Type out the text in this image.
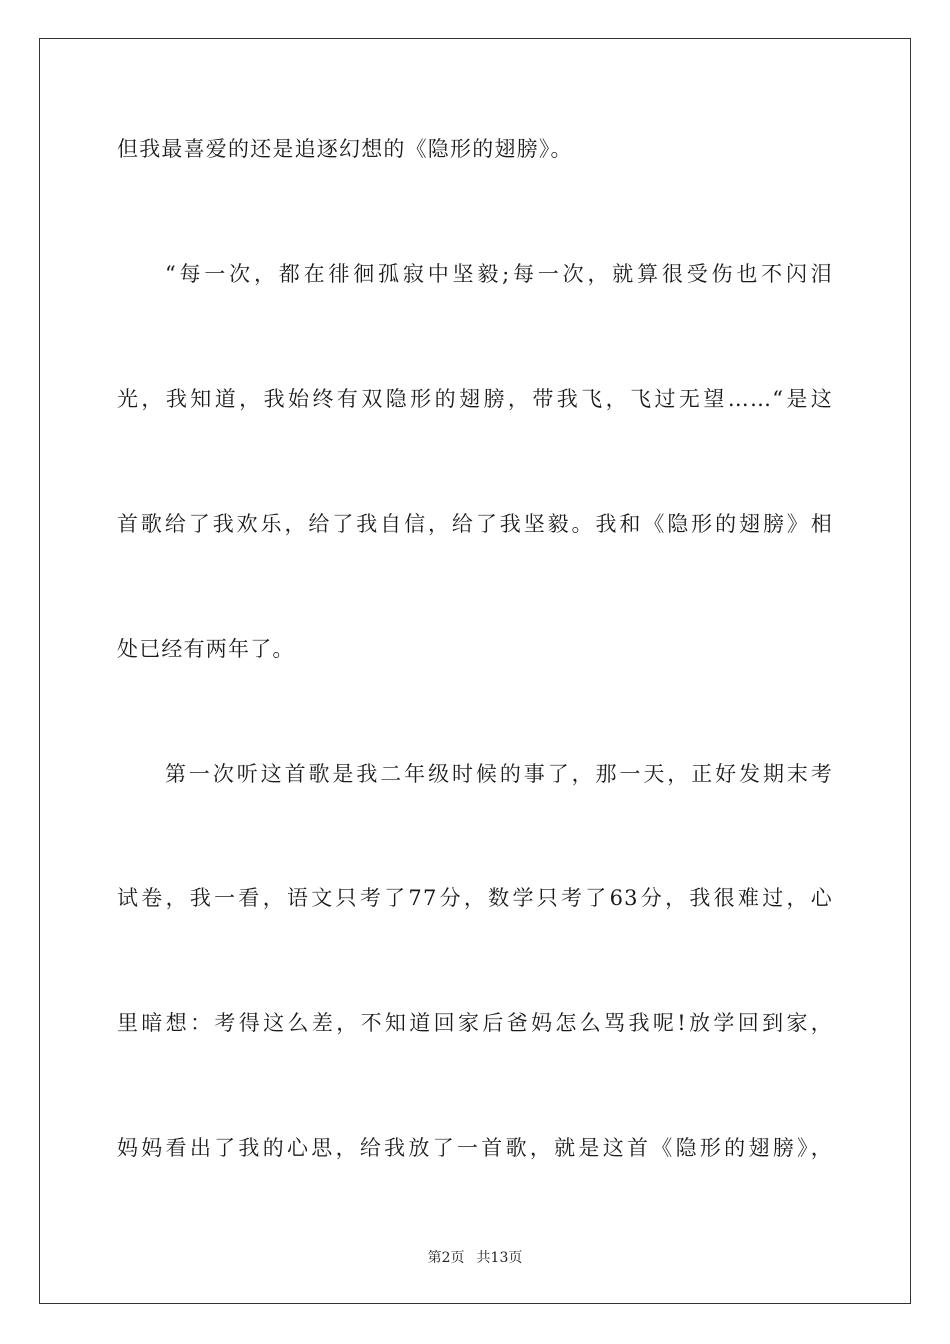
但我最喜爱的还是追逐幻想的《隐形的翅膀》。
“每一次，都在徘徊孤寂中坚毅;每一次，就算很受伤也不闪泪
光，我知道，我始终有双隐形的翅膀，带我飞，飞过无望……“是这
首歌给了我欢乐，给了我自信，给了我坚毅。我和《隐形的翅膀》相
处已经有两年了。
第一次听这首歌是我二年级时候的事了，那一天，正好发期末考
试卷，我一看，语文只考了77分，数学只考了63分，我很难过，心
里暗想：考得这么差，不知道回家后爸妈怎么骂我呢!放学回到家，
妈妈看出了我的心思，给我放了一首歌，就是这首《隐形的翅膀》，
第2页 共13页
